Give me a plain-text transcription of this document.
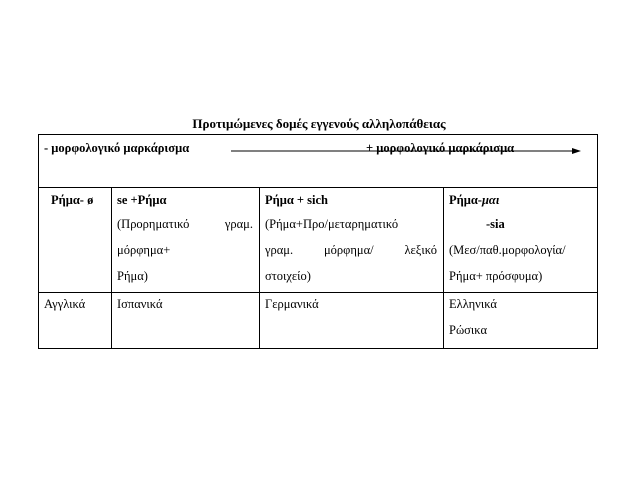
Προτιμώμενες δομές εγγενούς αλληλοπάθειας
- μορφολογικό μαρκάρισμα	+ μορφολογικό μαρκάρισμα
Ρήμα- ø
Αγγλικά
se +Ρήμα
(Προρηματικό γραμ.
μόρφημα+
Ρήμα)
Ισπανικά
Ρήμα + sich
(Ρήμα+Προ/μεταρηματικό
γραμ. μόρφημα/ λεξικό
στοιχείο)
Γερμανικά
Ρήμα-μαι
-sia
(Μεσ/παθ.μορφολογία/
Ρήμα+ πρόσφυμα)
Ελληνικά
Ρώσικα
